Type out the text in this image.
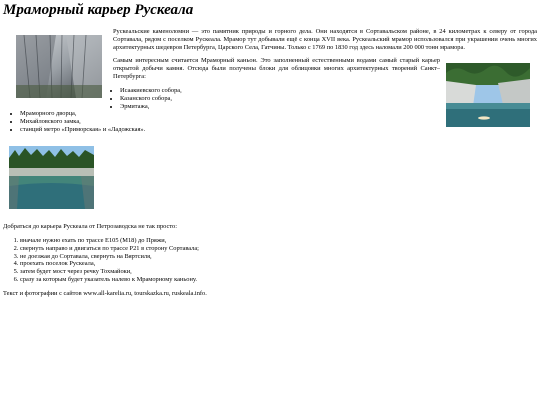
Мраморный карьер Рускеала

Рускеальские каменоломни — это памятник природы и горного дела. Они находятся в Сортавальском районе, в 24 километрах к северу от города Сортавала, рядом с поселком Рускеала. Мрамор тут добывали ещё с конца XVII века. Рускеальский мрамор использовался при украшении очень многих архитектурных шедевров Петербурга, Царского Села, Гатчины. Только с 1769 по 1830 год здесь наломали 200 000 тонн мрамора.

Самым интересным считается Мраморный каньон. Это заполненный естественными водами самый старый карьер открытой добычи камня. Отсюда были получены блоки для облицовки многих архитектурных творений Санкт–Петербурга:

• Исаакиевского собора,
• Казанского собора,
• Эрмитажа,
• Мраморного дворца,
• Михайловского замка,
• станций метро «Приморская» и «Ладожская».

Добраться до карьера Рускеала от Петрозаводска не так просто:

1. вначале нужно ехать по трассе Е105 (М18) до Пряжи,
2. свернуть направо и двигаться по трассе Р21 в сторону Сортавала;
3. не доезжая до Сортавала, свернуть на Вяртсиля,
4. проехать поселок Рускеала,
5. затем будет мост через речку Тохмайоки,
6. сразу за которым будет указатель налево к Мраморному каньону.

Текст и фотографии с сайтов www.all-karelia.ru, tourskazka.ru, ruskeala.info.
